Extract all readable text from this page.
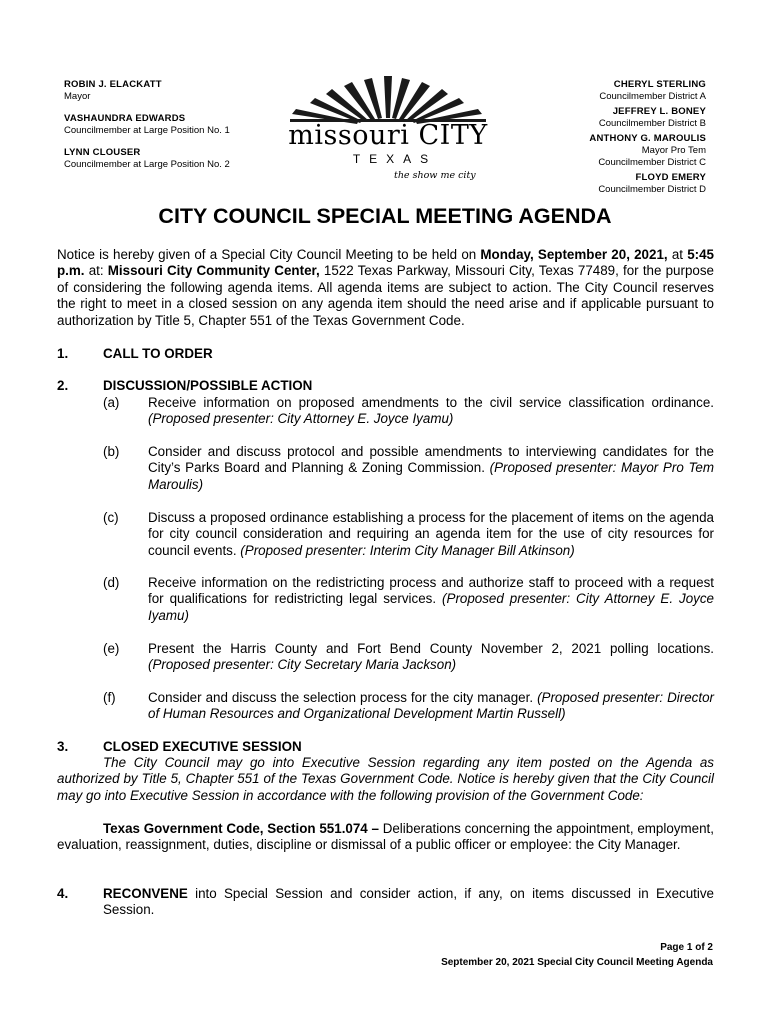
ROBIN J. ELACKATT
Mayor
VASHAUNDRA EDWARDS
Councilmember at Large Position No. 1
LYNN CLOUSER
Councilmember at Large Position No. 2
missouri CITY
TEXAS
the show me city
CHERYL STERLING
Councilmember District A
JEFFREY L. BONEY
Councilmember District B
ANTHONY G. MAROULIS
Mayor Pro Tem
Councilmember District C
FLOYD EMERY
Councilmember District D
CITY COUNCIL SPECIAL MEETING AGENDA
Notice is hereby given of a Special City Council Meeting to be held on Monday, September 20, 2021, at 5:45 p.m. at: Missouri City Community Center, 1522 Texas Parkway, Missouri City, Texas 77489, for the purpose of considering the following agenda items. All agenda items are subject to action. The City Council reserves the right to meet in a closed session on any agenda item should the need arise and if applicable pursuant to authorization by Title 5, Chapter 551 of the Texas Government Code.
1.	CALL TO ORDER
2.	DISCUSSION/POSSIBLE ACTION
(a) Receive information on proposed amendments to the civil service classification ordinance. (Proposed presenter: City Attorney E. Joyce Iyamu)
(b) Consider and discuss protocol and possible amendments to interviewing candidates for the City’s Parks Board and Planning & Zoning Commission. (Proposed presenter: Mayor Pro Tem Maroulis)
(c) Discuss a proposed ordinance establishing a process for the placement of items on the agenda for city council consideration and requiring an agenda item for the use of city resources for council events. (Proposed presenter: Interim City Manager Bill Atkinson)
(d) Receive information on the redistricting process and authorize staff to proceed with a request for qualifications for redistricting legal services. (Proposed presenter: City Attorney E. Joyce Iyamu)
(e) Present the Harris County and Fort Bend County November 2, 2021 polling locations. (Proposed presenter: City Secretary Maria Jackson)
(f) Consider and discuss the selection process for the city manager. (Proposed presenter: Director of Human Resources and Organizational Development Martin Russell)
3.	CLOSED EXECUTIVE SESSION
The City Council may go into Executive Session regarding any item posted on the Agenda as authorized by Title 5, Chapter 551 of the Texas Government Code. Notice is hereby given that the City Council may go into Executive Session in accordance with the following provision of the Government Code:
Texas Government Code, Section 551.074 – Deliberations concerning the appointment, employment, evaluation, reassignment, duties, discipline or dismissal of a public officer or employee: the City Manager.
4.	RECONVENE into Special Session and consider action, if any, on items discussed in Executive Session.
Page 1 of 2
September 20, 2021 Special City Council Meeting Agenda
